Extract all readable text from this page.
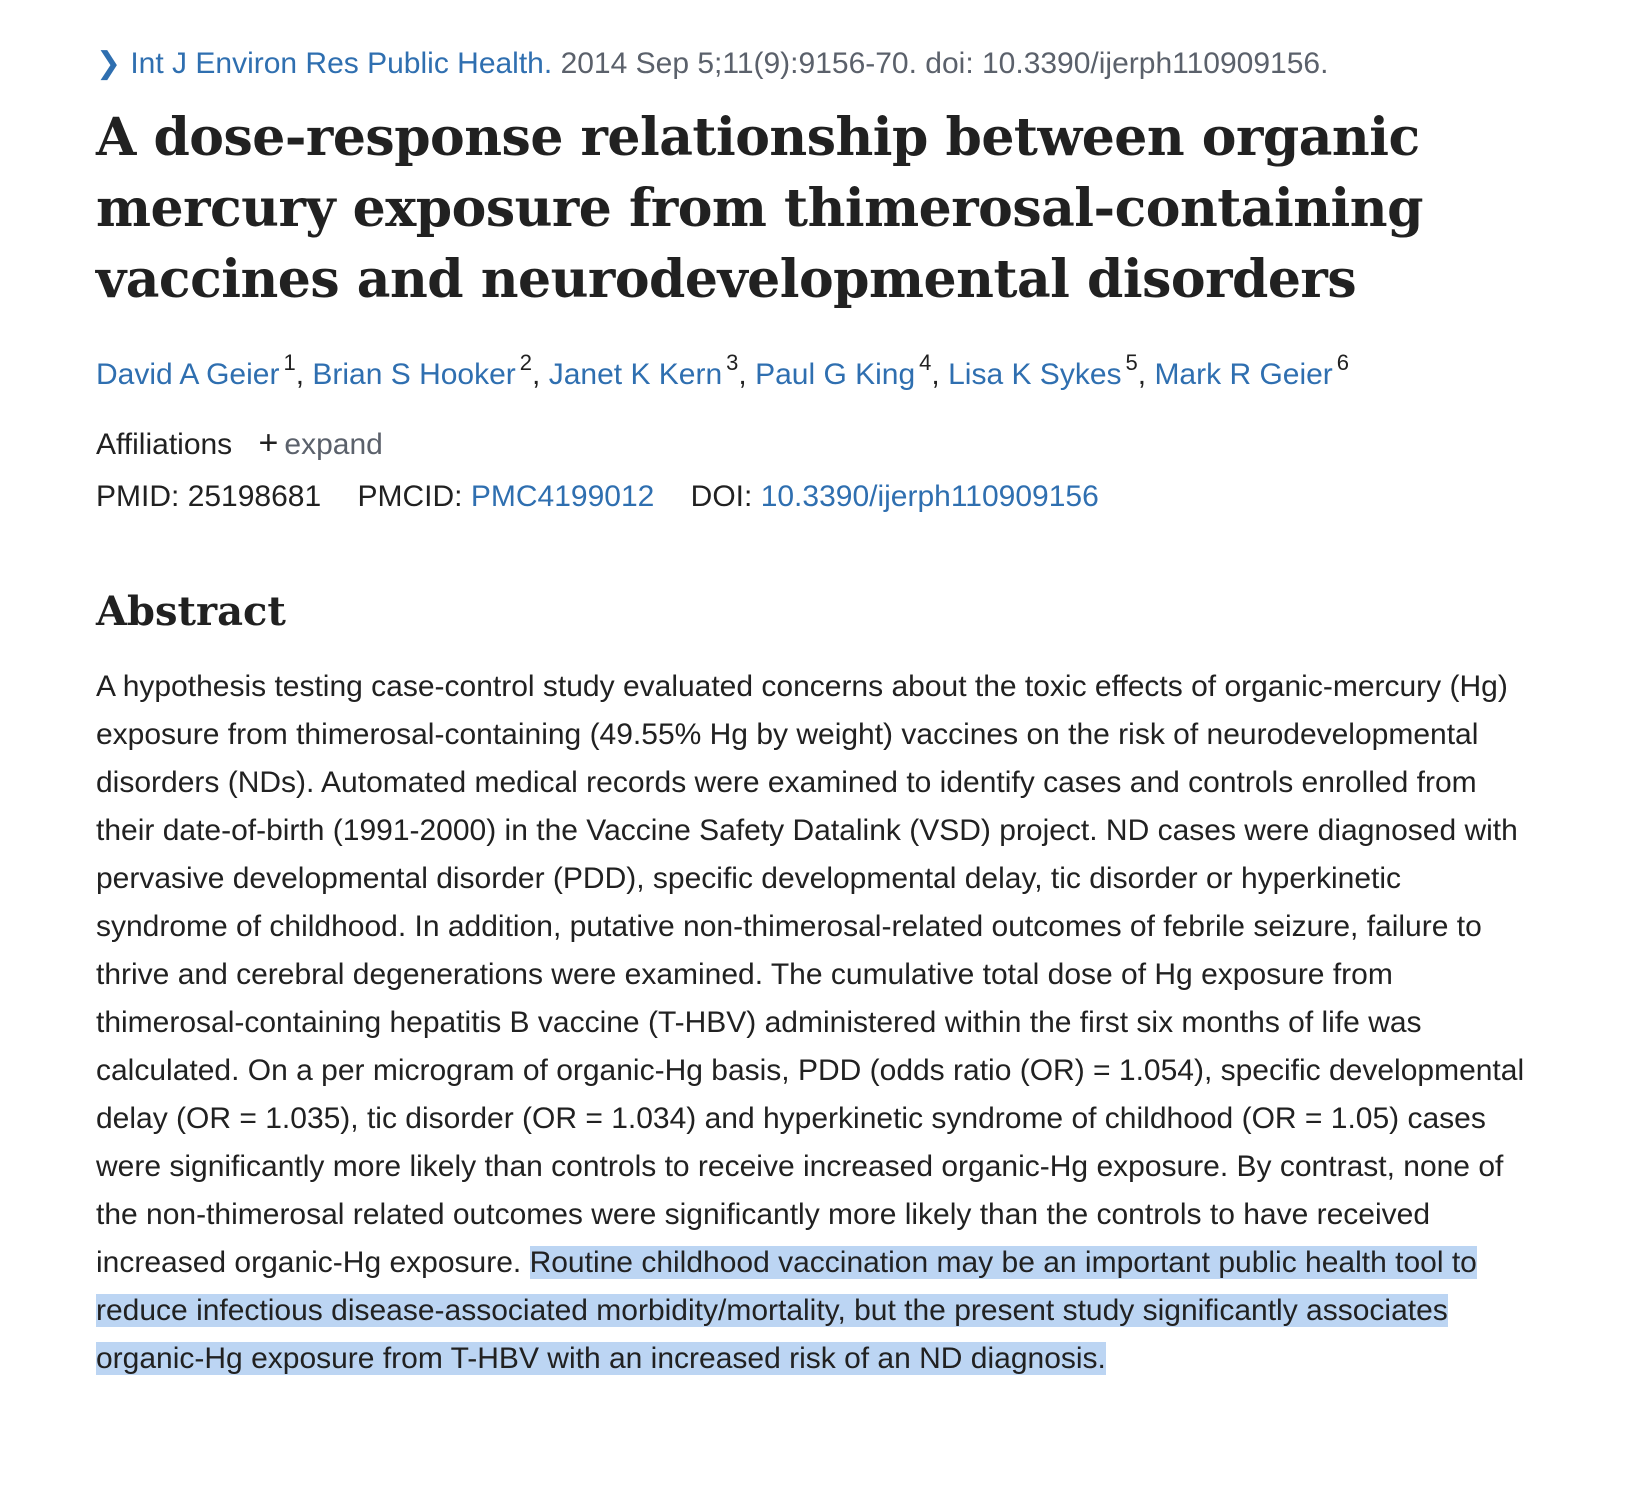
❯ Int J Environ Res Public Health. 2014 Sep 5;11(9):9156-70. doi: 10.3390/ijerph110909156.
A dose-response relationship between organic mercury exposure from thimerosal-containing vaccines and neurodevelopmental disorders
David A Geier $^1$, Brian S Hooker $^2$, Janet K Kern $^3$, Paul G King $^4$, Lisa K Sykes $^5$, Mark R Geier $^6$
Affiliations + expand
PMID: 25198681 PMCID: PMC4199012 DOI: 10.3390/ijerph110909156
Abstract

A hypothesis testing case-control study evaluated concerns about the toxic effects of organic-mercury (Hg) exposure from thimerosal-containing (49.55% Hg by weight) vaccines on the risk of neurodevelopmental disorders (NDs). Automated medical records were examined to identify cases and controls enrolled from their date-of-birth (1991-2000) in the Vaccine Safety Datalink (VSD) project. ND cases were diagnosed with pervasive developmental disorder (PDD), specific developmental delay, tic disorder or hyperkinetic syndrome of childhood. In addition, putative non-thimerosal-related outcomes of febrile seizure, failure to thrive and cerebral degenerations were examined. The cumulative total dose of Hg exposure from thimerosal-containing hepatitis B vaccine (T-HBV) administered within the first six months of life was calculated. On a per microgram of organic-Hg basis, PDD (odds ratio (OR) = 1.054), specific developmental delay (OR = 1.035), tic disorder (OR = 1.034) and hyperkinetic syndrome of childhood (OR = 1.05) cases were significantly more likely than controls to receive increased organic-Hg exposure. By contrast, none of the non-thimerosal related outcomes were significantly more likely than the controls to have received increased organic-Hg exposure. Routine childhood vaccination may be an important public health tool to reduce infectious disease-associated morbidity/mortality, but the present study significantly associates organic-Hg exposure from T-HBV with an increased risk of an ND diagnosis.
